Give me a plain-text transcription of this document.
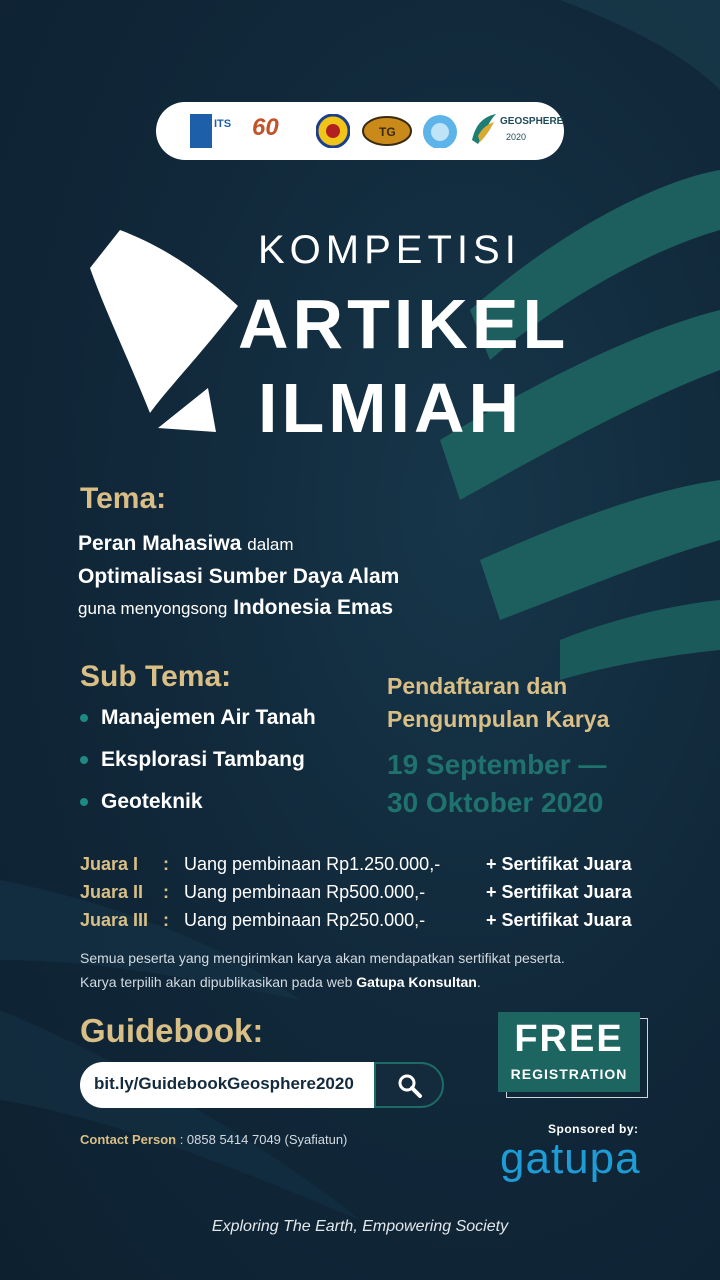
ITS 60	TG
GEOSPHERE
2020
KOMPETISI
ARTIKEL
ILMIAH
Tema:
Peran Mahasiwa dalam
Optimalisasi Sumber Daya Alam
guna menyongsong Indonesia Emas
Sub Tema:
Manajemen Air Tanah
Eksplorasi Tambang
Geoteknik
Pendaftaran dan
Pengumpulan Karya
19 September —
30 Oktober 2020
Juara I : Uang pembinaan Rp1.250.000,-	+ Sertifikat Juara
Juara II : Uang pembinaan Rp500.000,-	+ Sertifikat Juara
Juara III : Uang pembinaan Rp250.000,-	+ Sertifikat Juara
Semua peserta yang mengirimkan karya akan mendapatkan sertifikat peserta.
Karya terpilih akan dipublikasikan pada web Gatupa Konsultan.
Guidebook:
bit.ly/GuidebookGeosphere2020
FREE
REGISTRATION
Sponsored by:
gatupa
Contact Person : 0858 5414 7049 (Syafiatun)
Exploring The Earth, Empowering Society
